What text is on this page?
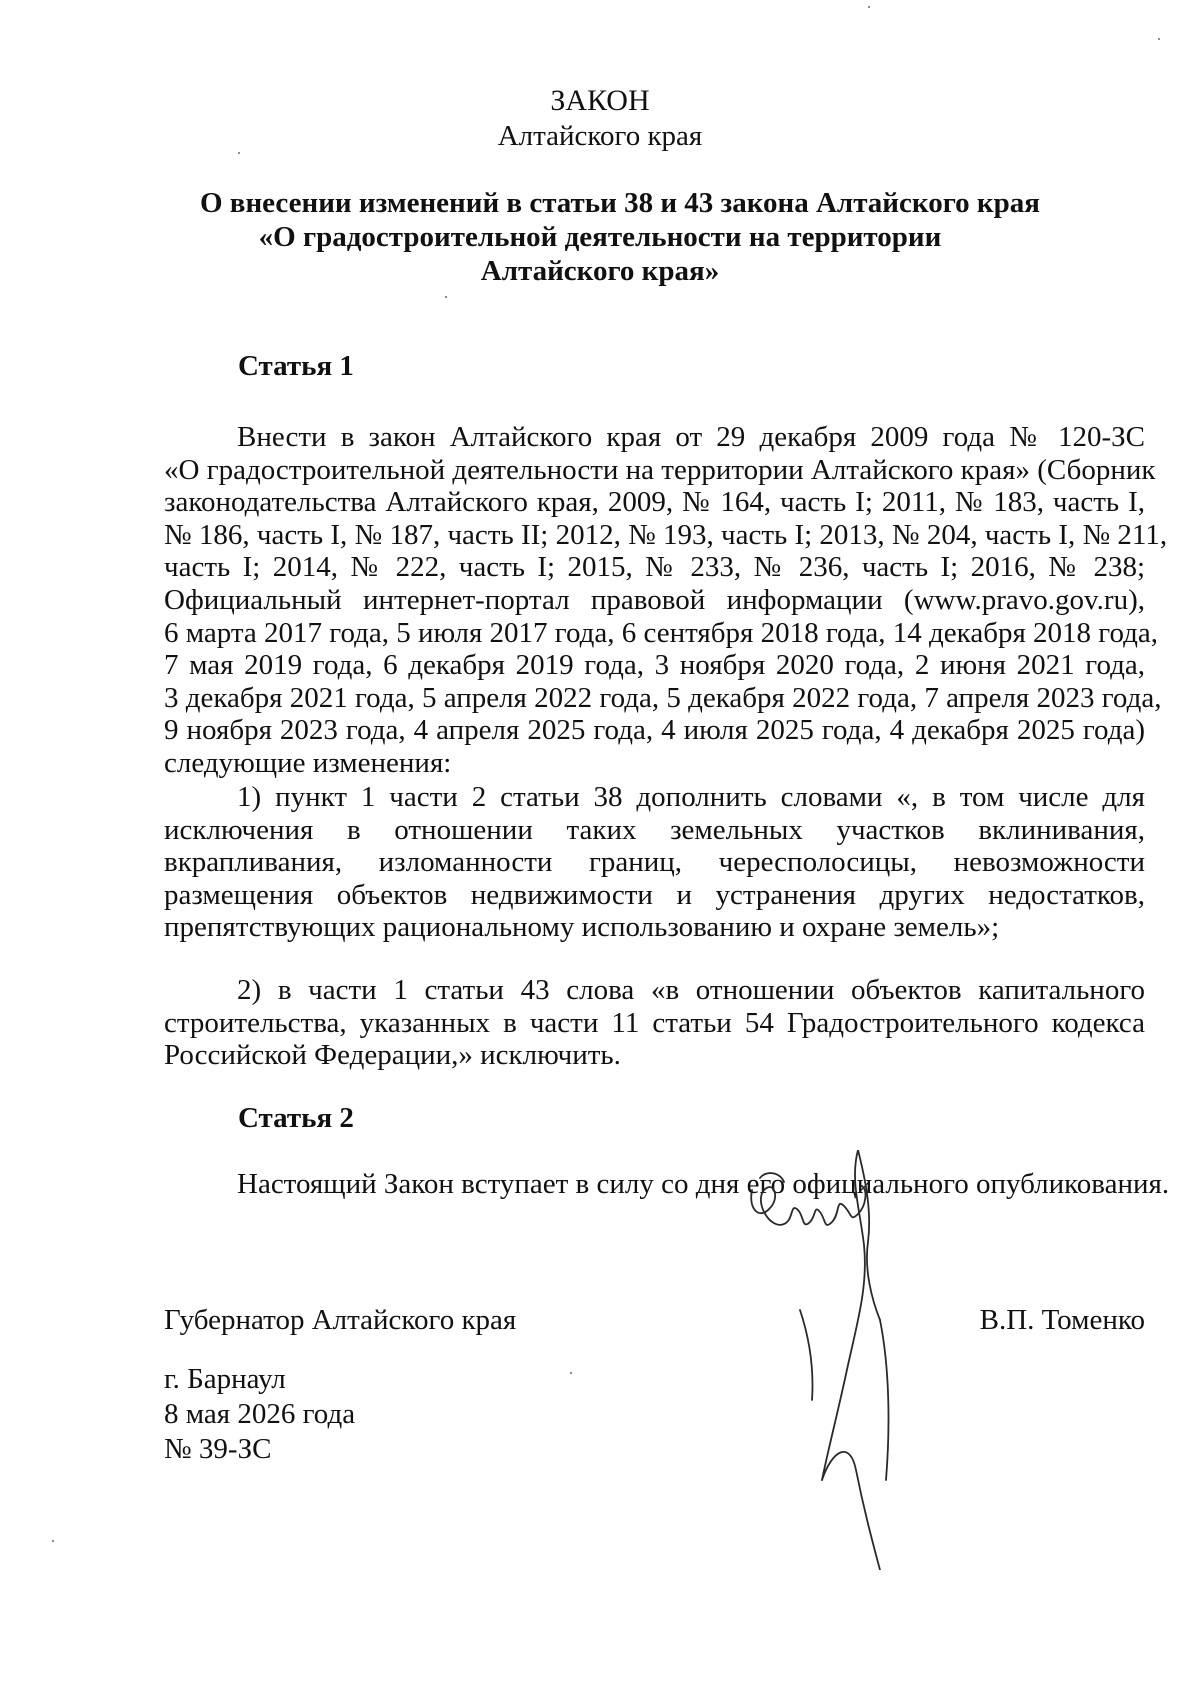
ЗАКОН
Алтайского края
О внесении изменений в статьи 38 и 43 закона Алтайского края
«О градостроительной деятельности на территории
Алтайского края»
Статья 1
Внести в закон Алтайского края от 29 декабря 2009 года № 120-ЗС
«О градостроительной деятельности на территории Алтайского края» (Сборник
законодательства Алтайского края, 2009, № 164, часть I; 2011, № 183, часть I,
№ 186, часть I, № 187, часть II; 2012, № 193, часть I; 2013, № 204, часть I, № 211,
часть I; 2014, № 222, часть I; 2015, № 233, № 236, часть I; 2016, № 238;
Официальный интернет-портал правовой информации (www.pravo.gov.ru),
6 марта 2017 года, 5 июля 2017 года, 6 сентября 2018 года, 14 декабря 2018 года,
7 мая 2019 года, 6 декабря 2019 года, 3 ноября 2020 года, 2 июня 2021 года,
3 декабря 2021 года, 5 апреля 2022 года, 5 декабря 2022 года, 7 апреля 2023 года,
9 ноября 2023 года, 4 апреля 2025 года, 4 июля 2025 года, 4 декабря 2025 года)
следующие изменения:
1) пункт 1 части 2 статьи 38 дополнить словами «, в том числе для
исключения в отношении таких земельных участков вклинивания,
вкрапливания, изломанности границ, чересполосицы, невозможности
размещения объектов недвижимости и устранения других недостатков,
препятствующих рациональному использованию и охране земель»;
2) в части 1 статьи 43 слова «в отношении объектов капитального
строительства, указанных в части 11 статьи 54 Градостроительного кодекса
Российской Федерации,» исключить.
Статья 2
Настоящий Закон вступает в силу со дня его официального опубликования.
Губернатор Алтайского края	В.П. Томенко
г. Барнаул
8 мая 2026 года
№ 39-ЗС
